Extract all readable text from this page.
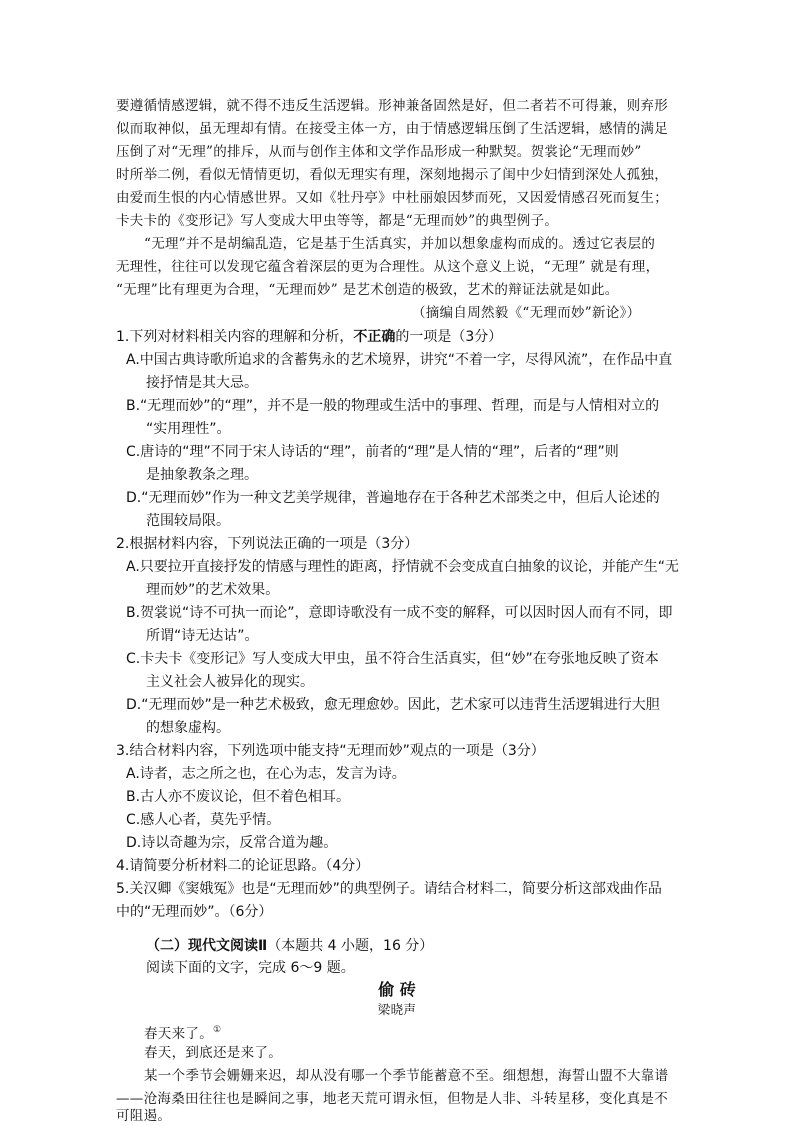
要遵循情感逻辑，就不得不违反生活逻辑。形神兼备固然是好，但二者若不可得兼，则弃形
似而取神似，虽无理却有情。在接受主体一方，由于情感逻辑压倒了生活逻辑，感情的满足
压倒了对“无理”的排斥，从而与创作主体和文学作品形成一种默契。贺裳论“无理而妙”
时所举二例，看似无情情更切，看似无理实有理，深刻地揭示了闺中少妇情到深处人孤独，
由爱而生恨的内心情感世界。又如《牡丹亭》中杜丽娘因梦而死，又因爱情感召死而复生；
卡夫卡的《变形记》写人变成大甲虫等等，都是“无理而妙”的典型例子。
“无理”并不是胡编乱造，它是基于生活真实，并加以想象虚构而成的。透过它表层的
无理性，往往可以发现它蕴含着深层的更为合理性。从这个意义上说，“无理” 就是有理，
“无理”比有理更为合理，“无理而妙” 是艺术创造的极致，艺术的辩证法就是如此。
（摘编自周然毅《“无理而妙”新论》）
1.下列对材料相关内容的理解和分析，不正确的一项是（3分）
A.中国古典诗歌所追求的含蓄隽永的艺术境界，讲究“不着一字，尽得风流”，在作品中直
接抒情是其大忌。
B.“无理而妙”的“理”，并不是一般的物理或生活中的事理、哲理，而是与人情相对立的
“实用理性”。
C.唐诗的“理”不同于宋人诗话的“理”，前者的“理”是人情的“理”，后者的“理”则
是抽象教条之理。
D.“无理而妙”作为一种文艺美学规律，普遍地存在于各种艺术部类之中，但后人论述的
范围较局限。
2.根据材料内容，下列说法正确的一项是（3分）
A.只要拉开直接抒发的情感与理性的距离，抒情就不会变成直白抽象的议论，并能产生“无
理而妙”的艺术效果。
B.贺裳说“诗不可执一而论”，意即诗歌没有一成不变的解释，可以因时因人而有不同，即
所谓“诗无达诂”。
C.卡夫卡《变形记》写人变成大甲虫，虽不符合生活真实，但“妙”在夸张地反映了资本
主义社会人被异化的现实。
D.“无理而妙”是一种艺术极致，愈无理愈妙。因此，艺术家可以违背生活逻辑进行大胆
的想象虚构。
3.结合材料内容，下列选项中能支持“无理而妙”观点的一项是（3分）
A.诗者，志之所之也，在心为志，发言为诗。
B.古人亦不废议论，但不着色相耳。
C.感人心者，莫先乎情。
D.诗以奇趣为宗，反常合道为趣。
4.请简要分析材料二的论证思路。（4分）
5.关汉卿《窦娥冤》也是“无理而妙”的典型例子。请结合材料二，简要分析这部戏曲作品
中的“无理而妙”。（6分）
（二）现代文阅读Ⅱ（本题共 4 小题，16 分）
阅读下面的文字，完成 6～9 题。
偷 砖
梁晓声
春天来了。①
春天，到底还是来了。
某一个季节会姗姗来迟，却从没有哪一个季节能蓄意不至。细想想，海誓山盟不大靠谱
——沧海桑田往往也是瞬间之事，地老天荒可谓永恒，但物是人非、斗转星移，变化真是不
可阻遏。
